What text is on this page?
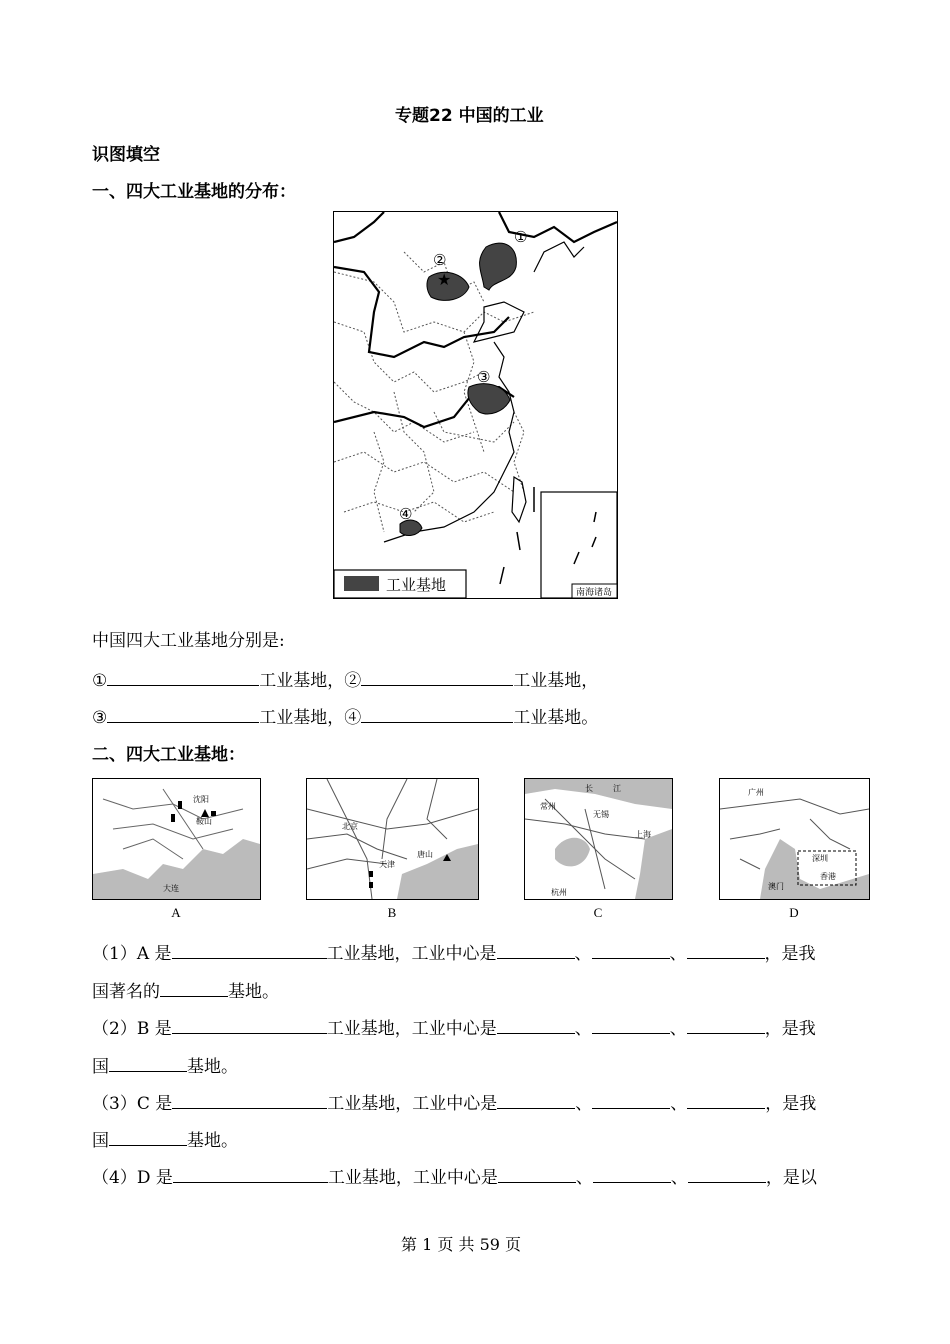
专题22 中国的工业
识图填空
一、四大工业基地的分布：
南海诸岛
★
①
②
③
④
工业基地
中国四大工业基地分别是:
①	工业基地，②	工业基地，
③	工业基地，④	工业基地。
二、四大工业基地：
沈阳
鞍山
大连
A
北京
唐山
天津
B
长	江
常州
无锡
上海
杭州
C
广州
深圳
澳门
香港
D
（1）A 是	工业基地，工业中心是	、	、	，是我
国著名的	基地。
（2）B 是	工业基地，工业中心是	、	、	，是我
国	基地。
（3）C 是	工业基地，工业中心是	、	、	，是我
国	基地。
（4）D 是	工业基地，工业中心是	、	、	，是以
第 1 页 共 59 页
